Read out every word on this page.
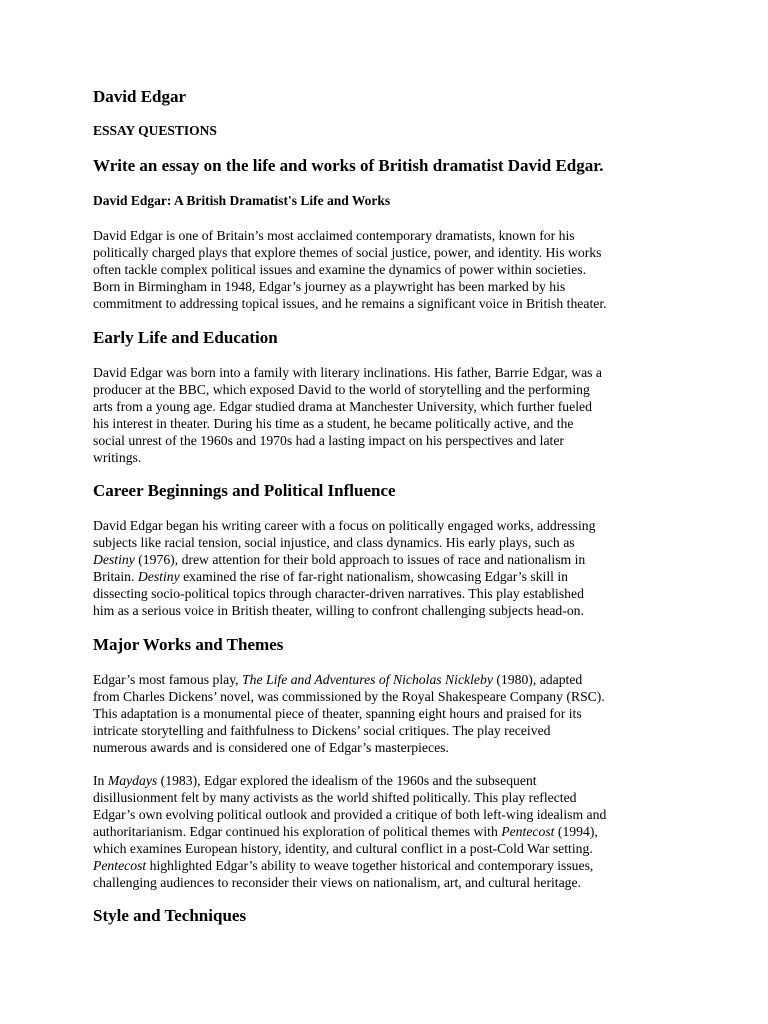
David Edgar
ESSAY QUESTIONS
Write an essay on the life and works of British dramatist David Edgar.
David Edgar: A British Dramatist's Life and Works

David Edgar is one of Britain’s most acclaimed contemporary dramatists, known for his
politically charged plays that explore themes of social justice, power, and identity. His works
often tackle complex political issues and examine the dynamics of power within societies.
Born in Birmingham in 1948, Edgar’s journey as a playwright has been marked by his
commitment to addressing topical issues, and he remains a significant voice in British theater.

Early Life and Education

David Edgar was born into a family with literary inclinations. His father, Barrie Edgar, was a
producer at the BBC, which exposed David to the world of storytelling and the performing
arts from a young age. Edgar studied drama at Manchester University, which further fueled
his interest in theater. During his time as a student, he became politically active, and the
social unrest of the 1960s and 1970s had a lasting impact on his perspectives and later
writings.

Career Beginnings and Political Influence

David Edgar began his writing career with a focus on politically engaged works, addressing
subjects like racial tension, social injustice, and class dynamics. His early plays, such as
Destiny (1976), drew attention for their bold approach to issues of race and nationalism in
Britain. Destiny examined the rise of far-right nationalism, showcasing Edgar’s skill in
dissecting socio-political topics through character-driven narratives. This play established
him as a serious voice in British theater, willing to confront challenging subjects head-on.

Major Works and Themes

Edgar’s most famous play, The Life and Adventures of Nicholas Nickleby (1980), adapted
from Charles Dickens’ novel, was commissioned by the Royal Shakespeare Company (RSC).
This adaptation is a monumental piece of theater, spanning eight hours and praised for its
intricate storytelling and faithfulness to Dickens’ social critiques. The play received
numerous awards and is considered one of Edgar’s masterpieces.

In Maydays (1983), Edgar explored the idealism of the 1960s and the subsequent
disillusionment felt by many activists as the world shifted politically. This play reflected
Edgar’s own evolving political outlook and provided a critique of both left-wing idealism and
authoritarianism. Edgar continued his exploration of political themes with Pentecost (1994),
which examines European history, identity, and cultural conflict in a post-Cold War setting.
Pentecost highlighted Edgar’s ability to weave together historical and contemporary issues,
challenging audiences to reconsider their views on nationalism, art, and cultural heritage.

Style and Techniques
